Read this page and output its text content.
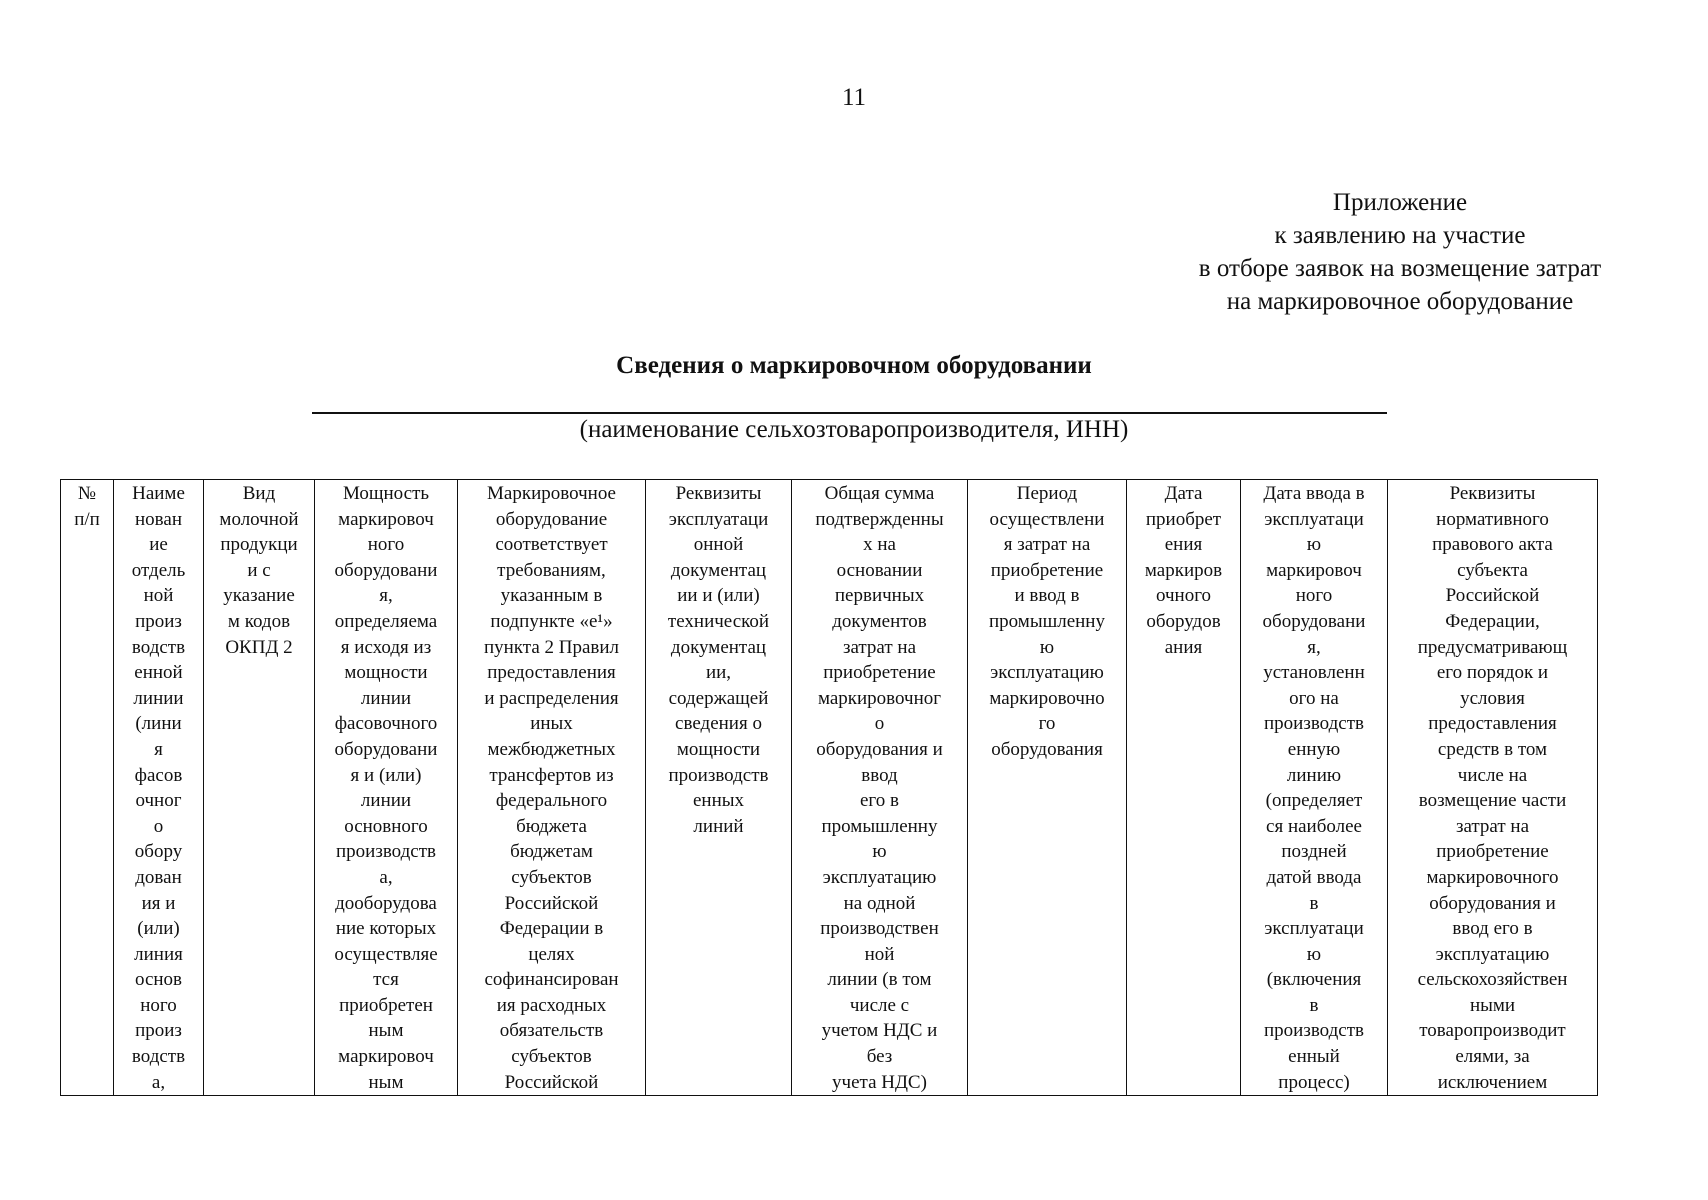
11
Приложение
к заявлению на участие
в отборе заявок на возмещение затрат
на маркировочное оборудование
Сведения о маркировочном оборудовании
(наименование сельхозтоваропроизводителя, ИНН)
№
п/п

Наиме
нован
ие
отдель
ной
произ
водств
енной
линии
(лини
я
фасов
очног
о
обору
дован
ия и
(или)
линия
основ
ного
произ
водств
а,

Вид
молочной
продукци
и с
указание
м кодов
ОКПД 2

Мощность
маркировоч
ного
оборудовани
я,
определяема
я исходя из
мощности
линии
фасовочного
оборудовани
я и (или)
линии
основного
производств
а,
дооборудова
ние которых
осуществляе
тся
приобретен
ным
маркировоч
ным

Маркировочное
оборудование
соответствует
требованиям,
указанным в
подпункте «е¹»
пункта 2 Правил
предоставления
и распределения
иных
межбюджетных
трансфертов из
федерального
бюджета
бюджетам
субъектов
Российской
Федерации в
целях
софинансирован
ия расходных
обязательств
субъектов
Российской

Реквизиты
эксплуатаци
онной
документац
ии и (или)
технической
документац
ии,
содержащей
сведения о
мощности
производств
енных
линий

Общая сумма
подтвержденны
х на
основании
первичных
документов
затрат на
приобретение
маркировочног
о
оборудования и
ввод
его в
промышленну
ю
эксплуатацию
на одной
производствен
ной
линии (в том
числе с
учетом НДС и
без
учета НДС)

Период
осуществлени
я затрат на
приобретение
и ввод в
промышленну
ю
эксплуатацию
маркировочно
го
оборудования

Дата
приобрет
ения
маркиров
очного
оборудов
ания

Дата ввода в
эксплуатаци
ю
маркировоч
ного
оборудовани
я,
установленн
ого на
производств
енную
линию
(определяет
ся наиболее
поздней
датой ввода
в
эксплуатаци
ю
(включения
в
производств
енный
процесс)

Реквизиты
нормативного
правового акта
субъекта
Российской
Федерации,
предусматривающ
его порядок и
условия
предоставления
средств в том
числе на
возмещение части
затрат на
приобретение
маркировочного
оборудования и
ввод его в
эксплуатацию
сельскохозяйствен
ными
товаропроизводит
елями, за
исключением
